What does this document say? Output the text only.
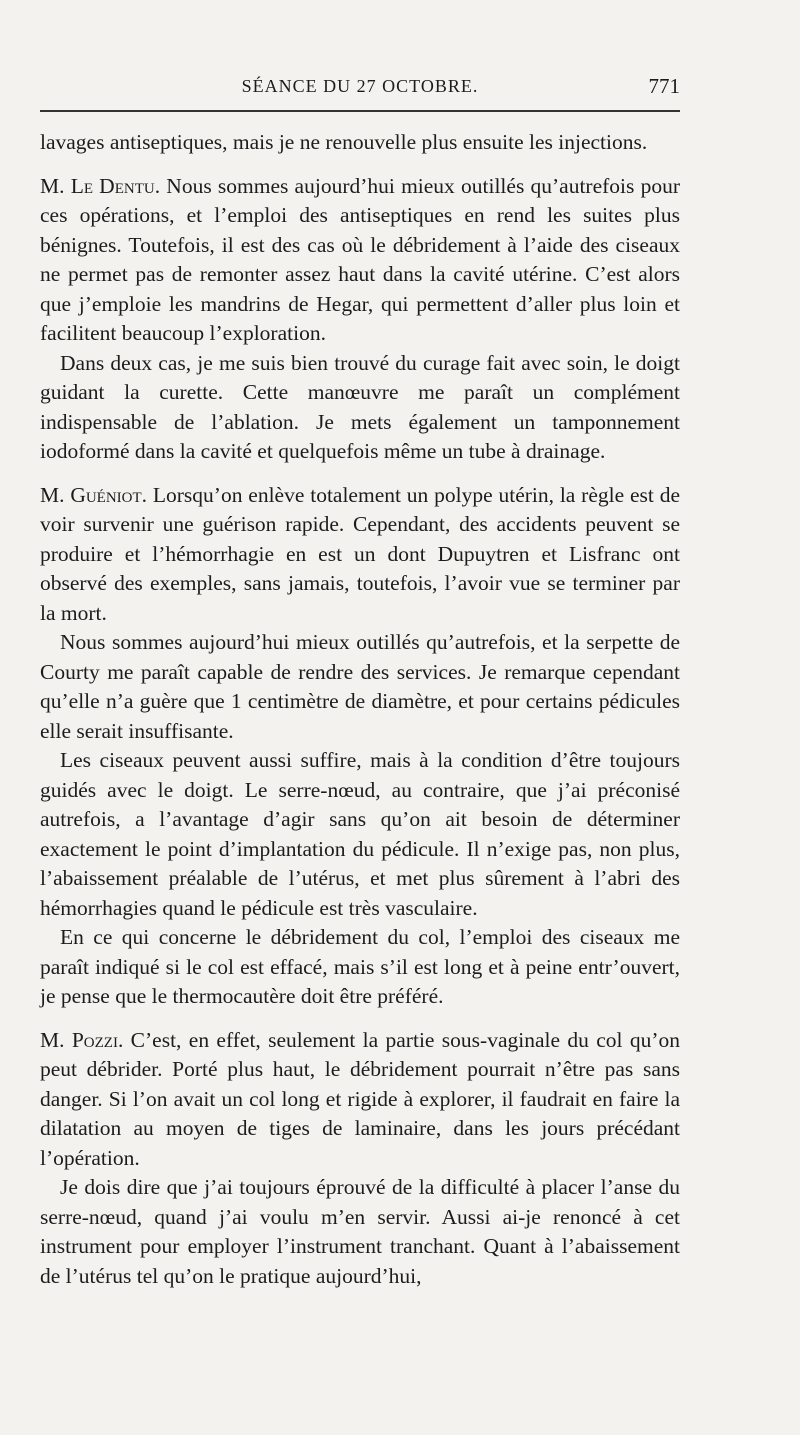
SÉANCE DU 27 OCTOBRE.	771

lavages antiseptiques, mais je ne renouvelle plus ensuite les injections.

M. Le Dentu. Nous sommes aujourd’hui mieux outillés qu’autrefois pour ces opérations, et l’emploi des antiseptiques en rend les suites plus bénignes. Toutefois, il est des cas où le débridement à l’aide des ciseaux ne permet pas de remonter assez haut dans la cavité utérine. C’est alors que j’emploie les mandrins de Hegar, qui permettent d’aller plus loin et facilitent beaucoup l’exploration.

Dans deux cas, je me suis bien trouvé du curage fait avec soin, le doigt guidant la curette. Cette manœuvre me paraît un complément indispensable de l’ablation. Je mets également un tamponnement iodoformé dans la cavité et quelquefois même un tube à drainage.

M. Guéniot. Lorsqu’on enlève totalement un polype utérin, la règle est de voir survenir une guérison rapide. Cependant, des accidents peuvent se produire et l’hémorrhagie en est un dont Dupuytren et Lisfranc ont observé des exemples, sans jamais, toutefois, l’avoir vue se terminer par la mort.

Nous sommes aujourd’hui mieux outillés qu’autrefois, et la serpette de Courty me paraît capable de rendre des services. Je remarque cependant qu’elle n’a guère que 1 centimètre de diamètre, et pour certains pédicules elle serait insuffisante.

Les ciseaux peuvent aussi suffire, mais à la condition d’être toujours guidés avec le doigt. Le serre-nœud, au contraire, que j’ai préconisé autrefois, a l’avantage d’agir sans qu’on ait besoin de déterminer exactement le point d’implantation du pédicule. Il n’exige pas, non plus, l’abaissement préalable de l’utérus, et met plus sûrement à l’abri des hémorrhagies quand le pédicule est très vasculaire.

En ce qui concerne le débridement du col, l’emploi des ciseaux me paraît indiqué si le col est effacé, mais s’il est long et à peine entr’ouvert, je pense que le thermocautère doit être préféré.

M. Pozzi. C’est, en effet, seulement la partie sous-vaginale du col qu’on peut débrider. Porté plus haut, le débridement pourrait n’être pas sans danger. Si l’on avait un col long et rigide à explorer, il faudrait en faire la dilatation au moyen de tiges de laminaire, dans les jours précédant l’opération.

Je dois dire que j’ai toujours éprouvé de la difficulté à placer l’anse du serre-nœud, quand j’ai voulu m’en servir. Aussi ai-je renoncé à cet instrument pour employer l’instrument tranchant. Quant à l’abaissement de l’utérus tel qu’on le pratique aujourd’hui,
